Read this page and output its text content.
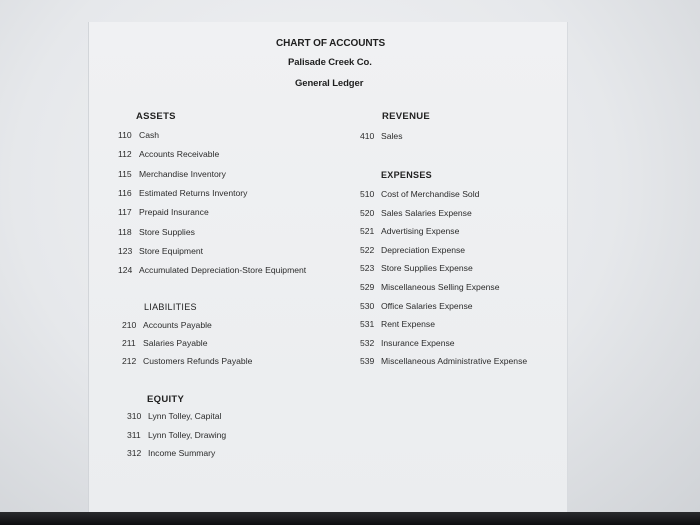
CHART OF ACCOUNTS
Palisade Creek Co.
General Ledger
ASSETS
110 Cash
112 Accounts Receivable
115 Merchandise Inventory
116 Estimated Returns Inventory
117 Prepaid Insurance
118 Store Supplies
123 Store Equipment
124 Accumulated Depreciation-Store Equipment
LIABILITIES
210 Accounts Payable
211 Salaries Payable
212 Customers Refunds Payable
EQUITY
310 Lynn Tolley, Capital
311 Lynn Tolley, Drawing
312 Income Summary
REVENUE
410 Sales
EXPENSES
510 Cost of Merchandise Sold
520 Sales Salaries Expense
521 Advertising Expense
522 Depreciation Expense
523 Store Supplies Expense
529 Miscellaneous Selling Expense
530 Office Salaries Expense
531 Rent Expense
532 Insurance Expense
539 Miscellaneous Administrative Expense
